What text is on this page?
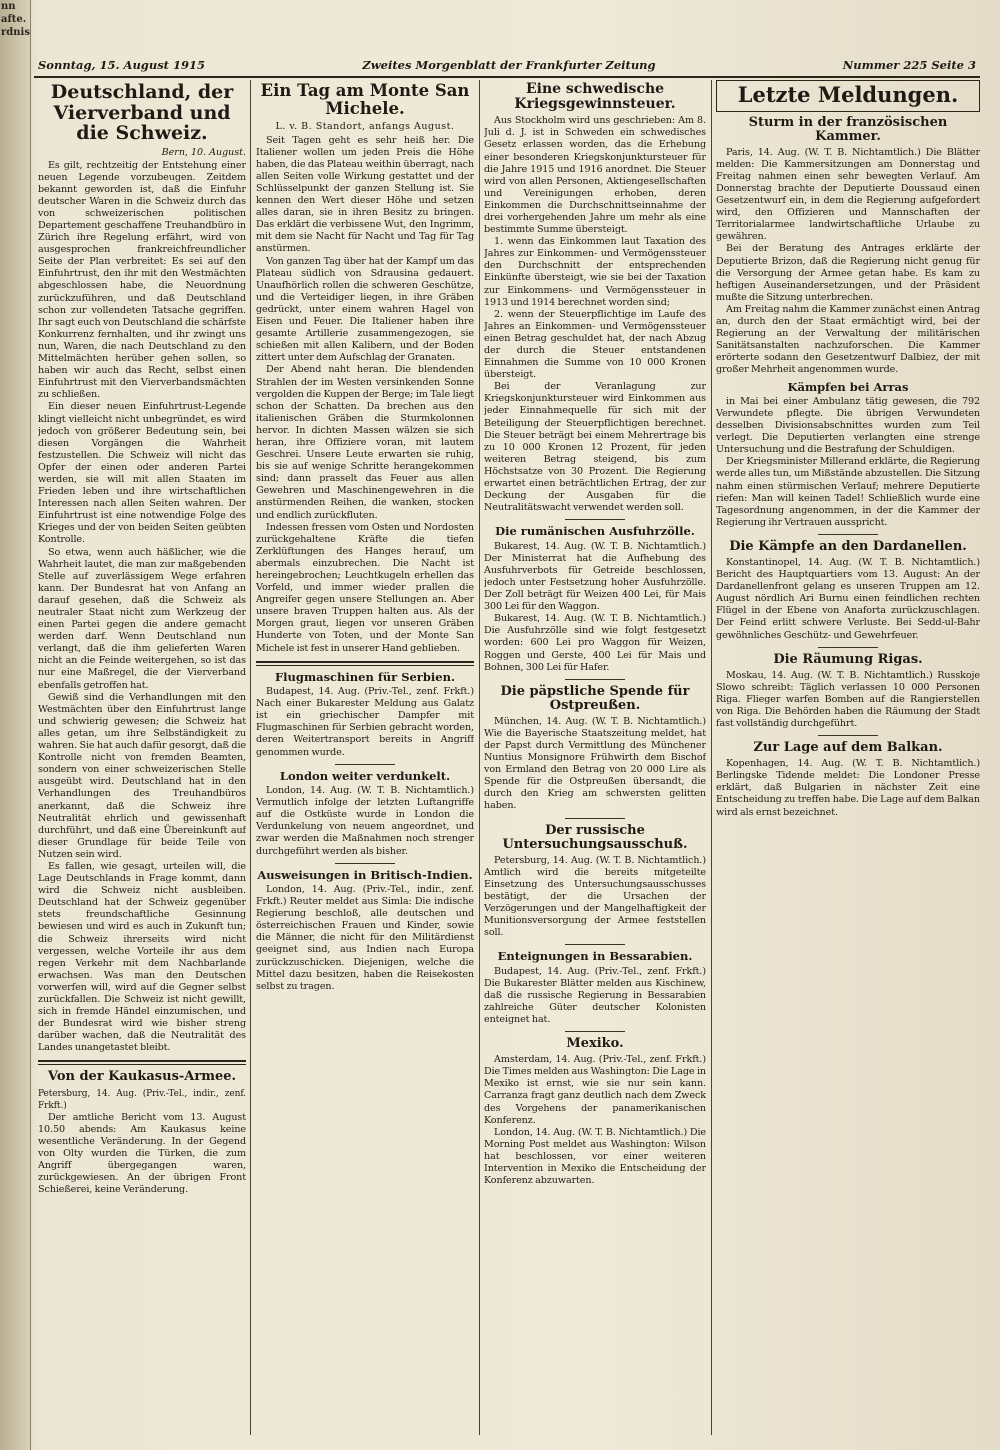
nn
afte.
rdnis
Sonntag, 15. August 1915	Zweites Morgenblatt der Frankfurter Zeitung	Nummer 225 Seite 3
Deutschland, der Vierverband und die Schweiz.
Bern, 10. August.

Es gilt, rechtzeitig der Entstehung einer neuen Legende vorzubeugen. Zeitdem bekannt geworden ist, daß die Einfuhr deutscher Waren in die Schweiz durch das von schweizerischen politischen Departement geschaffene Treuhandbüro in Zürich ihre Regelung erfährt, wird von ausgesprochen frankreichfreundlicher Seite der Plan verbreitet: Es sei auf den Einfuhrtrust, den ihr mit den Westmächten abgeschlossen habe, die Neuordnung zurückzuführen, und daß Deutschland schon zur vollendeten Tatsache gegriffen. Ihr sagt euch von Deutschland die schärfste Konkurrenz fernhalten, und ihr zwingt uns nun, Waren, die nach Deutschland zu den Mittelmächten herüber gehen sollen, so haben wir auch das Recht, selbst einen Einfuhrtrust mit den Vierverbandsmächten zu schließen.

Ein dieser neuen Einfuhrtrust-Legende klingt vielleicht nicht unbegründet, es wird jedoch von größerer Bedeutung sein, bei diesen Vorgängen die Wahrheit festzustellen. Die Schweiz will nicht das Opfer der einen oder anderen Partei werden, sie will mit allen Staaten im Frieden leben und ihre wirtschaftlichen Interessen nach allen Seiten wahren. Der Einfuhrtrust ist eine notwendige Folge des Krieges und der von beiden Seiten geübten Kontrolle.

So etwa, wenn auch häßlicher, wie die Wahrheit lautet, die man zur maßgebenden Stelle auf zuverlässigem Wege erfahren kann. Der Bundesrat hat von Anfang an darauf gesehen, daß die Schweiz als neutraler Staat nicht zum Werkzeug der einen Partei gegen die andere gemacht werden darf. Wenn Deutschland nun verlangt, daß die ihm gelieferten Waren nicht an die Feinde weitergehen, so ist das nur eine Maßregel, die der Vierverband ebenfalls getroffen hat.

Gewiß sind die Verhandlungen mit den Westmächten über den Einfuhrtrust lange und schwierig gewesen; die Schweiz hat alles getan, um ihre Selbständigkeit zu wahren. Sie hat auch dafür gesorgt, daß die Kontrolle nicht von fremden Beamten, sondern von einer schweizerischen Stelle ausgeübt wird. Deutschland hat in den Verhandlungen des Treuhandbüros anerkannt, daß die Schweiz ihre Neutralität ehrlich und gewissenhaft durchführt, und daß eine Übereinkunft auf dieser Grundlage für beide Teile von Nutzen sein wird.

Es fallen, wie gesagt, urteilen will, die Lage Deutschlands in Frage kommt, dann wird die Schweiz nicht ausbleiben. Deutschland hat der Schweiz gegenüber stets freundschaftliche Gesinnung bewiesen und wird es auch in Zukunft tun; die Schweiz ihrerseits wird nicht vergessen, welche Vorteile ihr aus dem regen Verkehr mit dem Nachbarlande erwachsen. Was man den Deutschen vorwerfen will, wird auf die Gegner selbst zurückfallen. Die Schweiz ist nicht gewillt, sich in fremde Händel einzumischen, und der Bundesrat wird wie bisher streng darüber wachen, daß die Neutralität des Landes unangetastet bleibt.

Von der Kaukasus-Armee.
Petersburg, 14. Aug. (Priv.-Tel., indir., zenf. Frkft.)

Der amtliche Bericht vom 13. August 10.50 abends: Am Kaukasus keine wesentliche Veränderung. In der Gegend von Olty wurden die Türken, die zum Angriff übergegangen waren, zurückgewiesen. An der übrigen Front Schießerei, keine Veränderung.

Ein Tag am Monte San Michele.
L. v. B. Standort, anfangs August.

Seit Tagen geht es sehr heiß her. Die Italiener wollen um jeden Preis die Höhe haben, die das Plateau weithin überragt, nach allen Seiten volle Wirkung gestattet und der Schlüsselpunkt der ganzen Stellung ist. Sie kennen den Wert dieser Höhe und setzen alles daran, sie in ihren Besitz zu bringen. Das erklärt die verbissene Wut, den Ingrimm, mit dem sie Nacht für Nacht und Tag für Tag anstürmen.

Von ganzen Tag über hat der Kampf um das Plateau südlich von Sdrausina gedauert. Unaufhörlich rollen die schweren Geschütze, und die Verteidiger liegen, in ihre Gräben gedrückt, unter einem wahren Hagel von Eisen und Feuer. Die Italiener haben ihre gesamte Artillerie zusammengezogen, sie schießen mit allen Kalibern, und der Boden zittert unter dem Aufschlag der Granaten.

Der Abend naht heran. Die blendenden Strahlen der im Westen versinkenden Sonne vergolden die Kuppen der Berge; im Tale liegt schon der Schatten. Da brechen aus den italienischen Gräben die Sturmkolonnen hervor. In dichten Massen wälzen sie sich heran, ihre Offiziere voran, mit lautem Geschrei. Unsere Leute erwarten sie ruhig, bis sie auf wenige Schritte herangekommen sind; dann prasselt das Feuer aus allen Gewehren und Maschinengewehren in die anstürmenden Reihen, die wanken, stocken und endlich zurückfluten.

Indessen fressen vom Osten und Nordosten zurückgehaltene Kräfte die tiefen Zerklüftungen des Hanges herauf, um abermals einzubrechen. Die Nacht ist hereingebrochen; Leuchtkugeln erhellen das Vorfeld, und immer wieder prallen die Angreifer gegen unsere Stellungen an. Aber unsere braven Truppen halten aus. Als der Morgen graut, liegen vor unseren Gräben Hunderte von Toten, und der Monte San Michele ist fest in unserer Hand geblieben.

Flugmaschinen für Serbien.

Budapest, 14. Aug. (Priv.-Tel., zenf. Frkft.) Nach einer Bukarester Meldung aus Galatz ist ein griechischer Dampfer mit Flugmaschinen für Serbien gebracht worden, deren Weitertransport bereits in Angriff genommen wurde.

London weiter verdunkelt.

London, 14. Aug. (W. T. B. Nichtamtlich.) Vermutlich infolge der letzten Luftangriffe auf die Ostküste wurde in London die Verdunkelung von neuem angeordnet, und zwar werden die Maßnahmen noch strenger durchgeführt werden als bisher.

Ausweisungen in Britisch-Indien.

London, 14. Aug. (Priv.-Tel., indir., zenf. Frkft.) Reuter meldet aus Simla: Die indische Regierung beschloß, alle deutschen und österreichischen Frauen und Kinder, sowie die Männer, die nicht für den Militärdienst geeignet sind, aus Indien nach Europa zurückzuschicken. Diejenigen, welche die Mittel dazu besitzen, haben die Reisekosten selbst zu tragen.

Eine schwedische Kriegsgewinnsteuer.

Aus Stockholm wird uns geschrieben: Am 8. Juli d. J. ist in Schweden ein schwedisches Gesetz erlassen worden, das die Erhebung einer besonderen Kriegskonjunktursteuer für die Jahre 1915 und 1916 anordnet. Die Steuer wird von allen Personen, Aktiengesellschaften und Vereinigungen erhoben, deren Einkommen die Durchschnittseinnahme der drei vorhergehenden Jahre um mehr als eine bestimmte Summe übersteigt.

1. wenn das Einkommen laut Taxation des Jahres zur Einkommen- und Vermögenssteuer den Durchschnitt der entsprechenden Einkünfte übersteigt, wie sie bei der Taxation zur Einkommens- und Vermögenssteuer in 1913 und 1914 berechnet worden sind;

2. wenn der Steuerpflichtige im Laufe des Jahres an Einkommen- und Vermögenssteuer einen Betrag geschuldet hat, der nach Abzug der durch die Steuer entstandenen Einnahmen die Summe von 10 000 Kronen übersteigt.

Bei der Veranlagung zur Kriegskonjunktursteuer wird Einkommen aus jeder Einnahmequelle für sich mit der Beteiligung der Steuerpflichtigen berechnet. Die Steuer beträgt bei einem Mehrertrage bis zu 10 000 Kronen 12 Prozent, für jeden weiteren Betrag steigend, bis zum Höchstsatze von 30 Prozent. Die Regierung erwartet einen beträchtlichen Ertrag, der zur Deckung der Ausgaben für die Neutralitätswacht verwendet werden soll.

Die rumänischen Ausfuhrzölle.

Bukarest, 14. Aug. (W. T. B. Nichtamtlich.) Der Ministerrat hat die Aufhebung des Ausfuhrverbots für Getreide beschlossen, jedoch unter Festsetzung hoher Ausfuhrzölle. Der Zoll beträgt für Weizen 400 Lei, für Mais 300 Lei für den Waggon.

Bukarest, 14. Aug. (W. T. B. Nichtamtlich.) Die Ausfuhrzölle sind wie folgt festgesetzt worden: 600 Lei pro Waggon für Weizen, Roggen und Gerste, 400 Lei für Mais und Bohnen, 300 Lei für Hafer.

Die päpstliche Spende für Ostpreußen.

München, 14. Aug. (W. T. B. Nichtamtlich.) Wie die Bayerische Staatszeitung meldet, hat der Papst durch Vermittlung des Münchener Nuntius Monsignore Frühwirth dem Bischof von Ermland den Betrag von 20 000 Lire als Spende für die Ostpreußen übersandt, die durch den Krieg am schwersten gelitten haben.

Der russische Untersuchungsausschuß.

Petersburg, 14. Aug. (W. T. B. Nichtamtlich.) Amtlich wird die bereits mitgeteilte Einsetzung des Untersuchungsausschusses bestätigt, der die Ursachen der Verzögerungen und der Mangelhaftigkeit der Munitionsversorgung der Armee feststellen soll.

Enteignungen in Bessarabien.

Budapest, 14. Aug. (Priv.-Tel., zenf. Frkft.) Die Bukarester Blätter melden aus Kischinew, daß die russische Regierung in Bessarabien zahlreiche Güter deutscher Kolonisten enteignet hat.

Mexiko.

Amsterdam, 14. Aug. (Priv.-Tel., zenf. Frkft.) Die Times melden aus Washington: Die Lage in Mexiko ist ernst, wie sie nur sein kann. Carranza fragt ganz deutlich nach dem Zweck des Vorgehens der panamerikanischen Konferenz.

London, 14. Aug. (W. T. B. Nichtamtlich.) Die Morning Post meldet aus Washington: Wilson hat beschlossen, vor einer weiteren Intervention in Mexiko die Entscheidung der Konferenz abzuwarten.

Letzte Meldungen.
Sturm in der französischen Kammer.

Paris, 14. Aug. (W. T. B. Nichtamtlich.) Die Blätter melden: Die Kammersitzungen am Donnerstag und Freitag nahmen einen sehr bewegten Verlauf. Am Donnerstag brachte der Deputierte Doussaud einen Gesetzentwurf ein, in dem die Regierung aufgefordert wird, den Offizieren und Mannschaften der Territorialarmee landwirtschaftliche Urlaube zu gewähren.

Bei der Beratung des Antrages erklärte der Deputierte Brizon, daß die Regierung nicht genug für die Versorgung der Armee getan habe. Es kam zu heftigen Auseinandersetzungen, und der Präsident mußte die Sitzung unterbrechen.

Am Freitag nahm die Kammer zunächst einen Antrag an, durch den der Staat ermächtigt wird, bei der Regierung an der Verwaltung der militärischen Sanitätsanstalten nachzuforschen. Die Kammer erörterte sodann den Gesetzentwurf Dalbiez, der mit großer Mehrheit angenommen wurde.

Kämpfen bei Arras

in Mai bei einer Ambulanz tätig gewesen, die 792 Verwundete pflegte. Die übrigen Verwundeten desselben Divisionsabschnittes wurden zum Teil verlegt. Die Deputierten verlangten eine strenge Untersuchung und die Bestrafung der Schuldigen.

Der Kriegsminister Millerand erklärte, die Regierung werde alles tun, um Mißstände abzustellen. Die Sitzung nahm einen stürmischen Verlauf; mehrere Deputierte riefen: Man will keinen Tadel! Schließlich wurde eine Tagesordnung angenommen, in der die Kammer der Regierung ihr Vertrauen ausspricht.

Die Kämpfe an den Dardanellen.

Konstantinopel, 14. Aug. (W. T. B. Nichtamtlich.) Bericht des Hauptquartiers vom 13. August: An der Dardanellenfront gelang es unseren Truppen am 12. August nördlich Ari Burnu einen feindlichen rechten Flügel in der Ebene von Anaforta zurückzuschlagen. Der Feind erlitt schwere Verluste. Bei Sedd-ul-Bahr gewöhnliches Geschütz- und Gewehrfeuer.

Die Räumung Rigas.

Moskau, 14. Aug. (W. T. B. Nichtamtlich.) Russkoje Slowo schreibt: Täglich verlassen 10 000 Personen Riga. Flieger warfen Bomben auf die Rangierstellen von Riga. Die Behörden haben die Räumung der Stadt fast vollständig durchgeführt.

Zur Lage auf dem Balkan.

Kopenhagen, 14. Aug. (W. T. B. Nichtamtlich.) Berlingske Tidende meldet: Die Londoner Presse erklärt, daß Bulgarien in nächster Zeit eine Entscheidung zu treffen habe. Die Lage auf dem Balkan wird als ernst bezeichnet.
